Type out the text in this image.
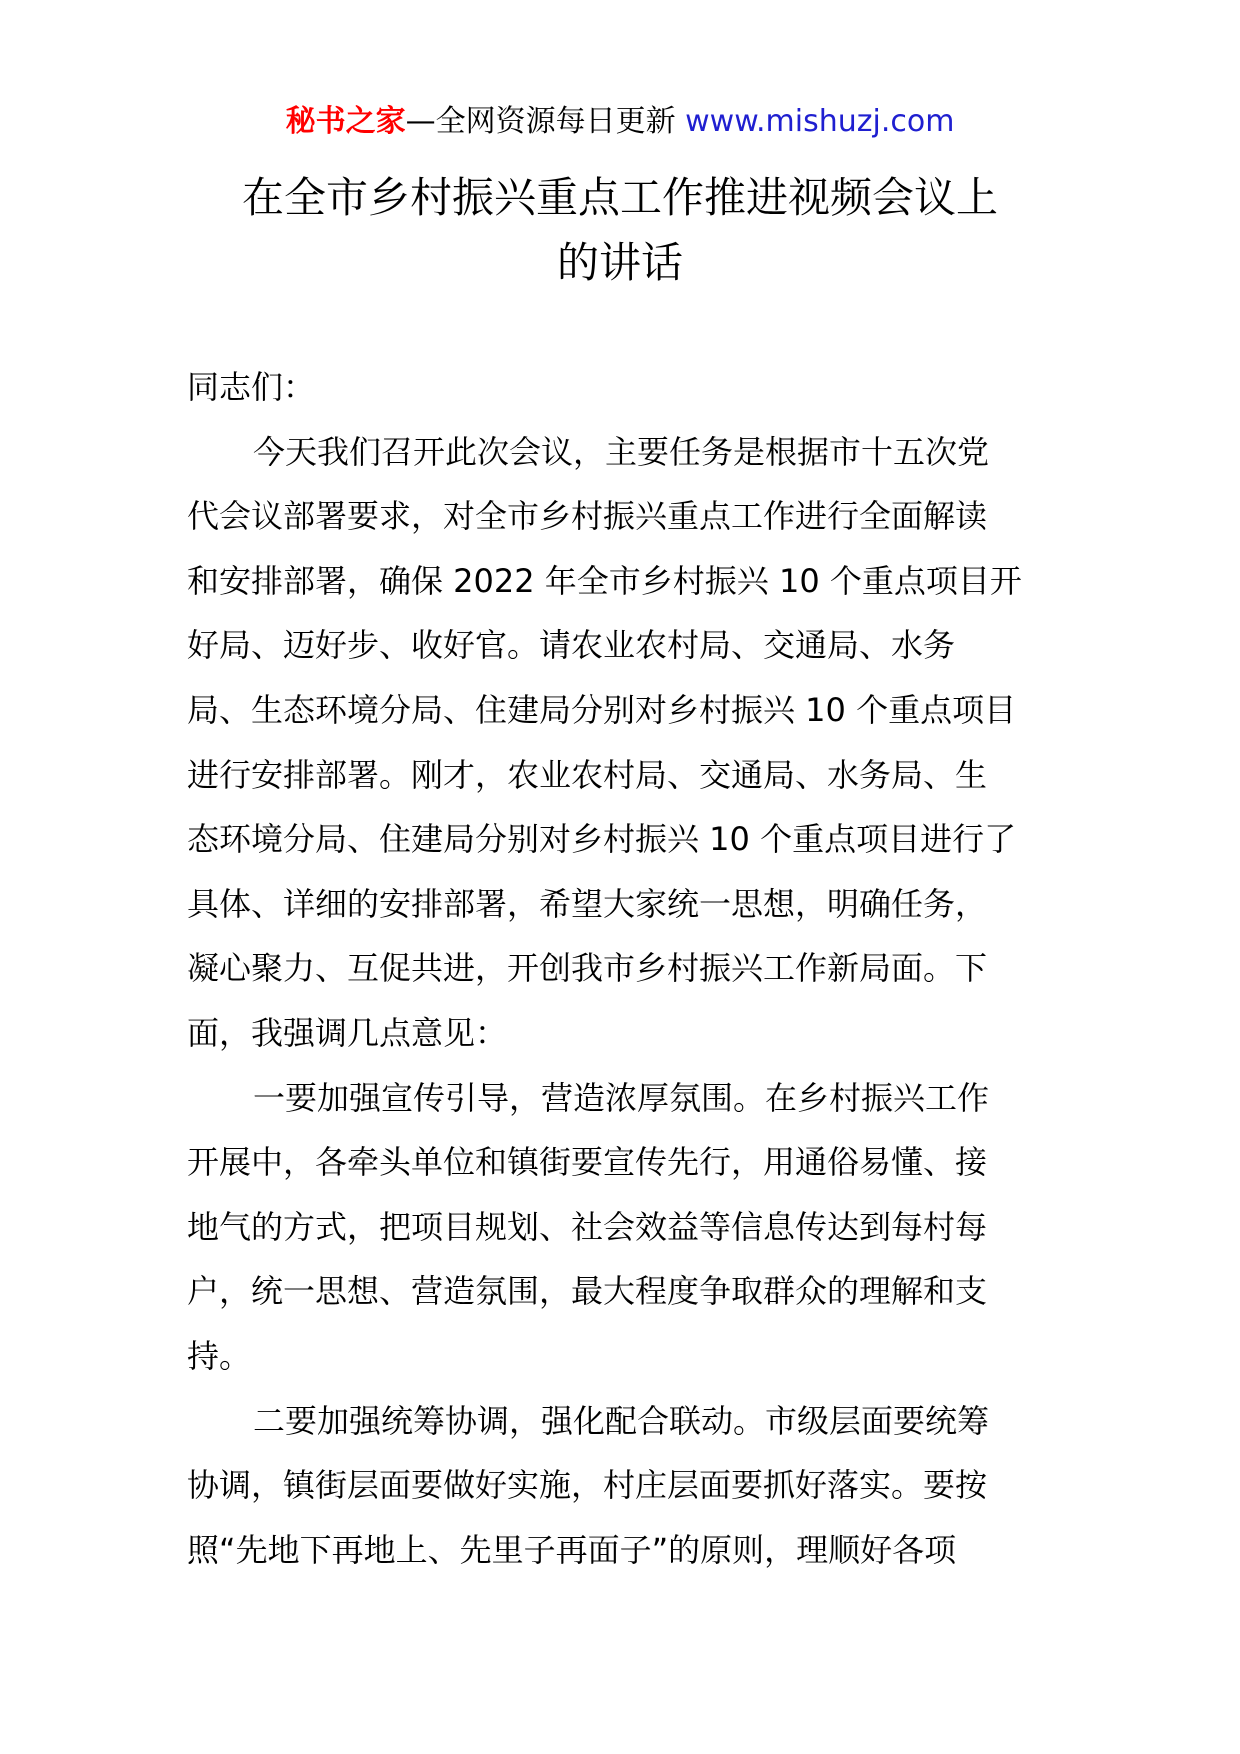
秘书之家—全网资源每日更新 www.mishuzj.com
在全市乡村振兴重点工作推进视频会议上
的讲话
同志们：
今天我们召开此次会议，主要任务是根据市十五次党
代会议部署要求，对全市乡村振兴重点工作进行全面解读
和安排部署，确保 2022 年全市乡村振兴 10 个重点项目开
好局、迈好步、收好官。请农业农村局、交通局、水务
局、生态环境分局、住建局分别对乡村振兴 10 个重点项目
进行安排部署。刚才，农业农村局、交通局、水务局、生
态环境分局、住建局分别对乡村振兴 10 个重点项目进行了
具体、详细的安排部署，希望大家统一思想，明确任务，
凝心聚力、互促共进，开创我市乡村振兴工作新局面。下
面，我强调几点意见：
一要加强宣传引导，营造浓厚氛围。在乡村振兴工作
开展中，各牵头单位和镇街要宣传先行，用通俗易懂、接
地气的方式，把项目规划、社会效益等信息传达到每村每
户，统一思想、营造氛围，最大程度争取群众的理解和支
持。
二要加强统筹协调，强化配合联动。市级层面要统筹
协调，镇街层面要做好实施，村庄层面要抓好落实。要按
照“先地下再地上、先里子再面子”的原则，理顺好各项
